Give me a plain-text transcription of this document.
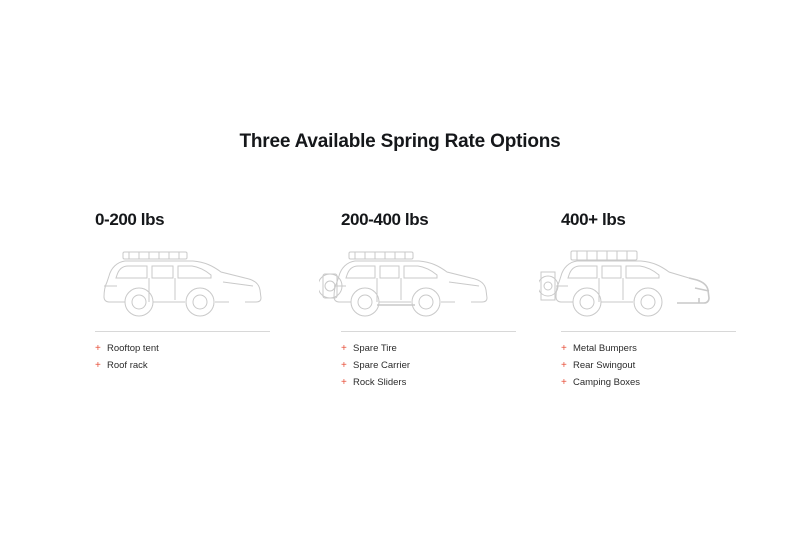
Three Available Spring Rate Options
0-200 lbs
+ Rooftop tent
+ Roof rack
200-400 lbs
+ Spare Tire
+ Spare Carrier
+ Rock Sliders
400+ lbs
+ Metal Bumpers
+ Rear Swingout
+ Camping Boxes
